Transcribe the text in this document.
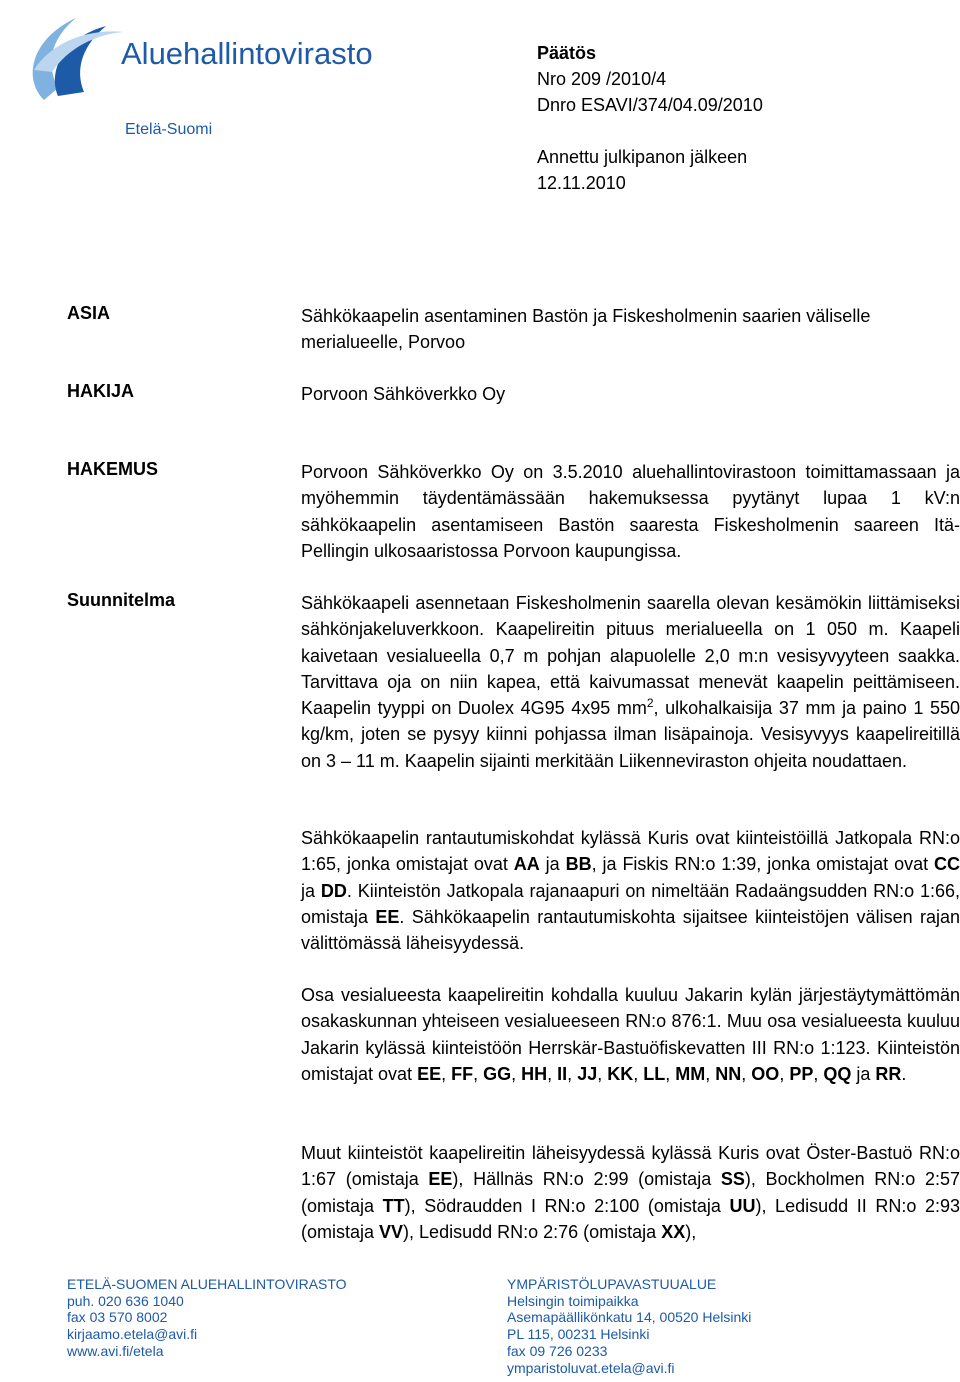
Aluehallintovirasto
Etelä-Suomi
Päätös
Nro 209 /2010/4
Dnro ESAVI/374/04.09/2010
Annettu julkipanon jälkeen
12.11.2010
ASIA	Sähkökaapelin asentaminen Bastön ja Fiskesholmenin saarien väliselle
merialueelle, Porvoo
HAKIJA	Porvoon Sähköverkko Oy
HAKEMUS	Porvoon Sähköverkko Oy on 3.5.2010 aluehallintovirastoon toimittamassaan ja myöhemmin täydentämässään hakemuksessa pyytänyt lupaa 1 kV:n sähkökaapelin asentamiseen Bastön saaresta Fiskesholmenin saareen Itä-Pellingin ulkosaaristossa Porvoon kaupungissa.
Suunnitelma	Sähkökaapeli asennetaan Fiskesholmenin saarella olevan kesämökin liittämiseksi sähkönjakeluverkkoon. Kaapelireitin pituus merialueella on 1 050 m. Kaapeli kaivetaan vesialueella 0,7 m pohjan alapuolelle 2,0 m:n vesisyvyyteen saakka. Tarvittava oja on niin kapea, että kaivumassat menevät kaapelin peittämiseen. Kaapelin tyyppi on Duolex 4G95 4x95 $mm^2$, ulkohalkaisija 37 mm ja paino 1 550 kg/km, joten se pysyy kiinni pohjassa ilman lisäpainoja. Vesisyvyys kaapelireitillä on 3 – 11 m. Kaapelin sijainti merkitään Liikenneviraston ohjeita noudattaen.
Sähkökaapelin rantautumiskohdat kylässä Kuris ovat kiinteistöillä Jatkopala RN:o 1:65, jonka omistajat ovat AA ja BB, ja Fiskis RN:o 1:39, jonka omistajat ovat CC ja DD. Kiinteistön Jatkopala rajanaapuri on nimeltään Radaängsudden RN:o 1:66, omistaja EE. Sähkökaapelin rantautumiskohta sijaitsee kiinteistöjen välisen rajan välittömässä läheisyydessä.
Osa vesialueesta kaapelireitin kohdalla kuuluu Jakarin kylän järjestäytymättömän osakaskunnan yhteiseen vesialueeseen RN:o 876:1. Muu osa vesialueesta kuuluu Jakarin kylässä kiinteistöön Herrskär-Bastuöfiskevatten III RN:o 1:123. Kiinteistön omistajat ovat EE, FF, GG, HH, II, JJ, KK, LL, MM, NN, OO, PP, QQ ja RR.
Muut kiinteistöt kaapelireitin läheisyydessä kylässä Kuris ovat Öster-Bastuö RN:o 1:67 (omistaja EE), Hällnäs RN:o 2:99 (omistaja SS), Bockholmen RN:o 2:57 (omistaja TT), Södraudden I RN:o 2:100 (omistaja UU), Ledisudd II RN:o 2:93 (omistaja VV), Ledisudd RN:o 2:76 (omistaja XX),
ETELÄ-SUOMEN ALUEHALLINTOVIRASTO
puh. 020 636 1040
fax 03 570 8002
kirjaamo.etela@avi.fi
www.avi.fi/etela
YMPÄRISTÖLUPAVASTUUALUE
Helsingin toimipaikka
Asemapäällikönkatu 14, 00520 Helsinki
PL 115, 00231 Helsinki
fax 09 726 0233
ymparistoluvat.etela@avi.fi
